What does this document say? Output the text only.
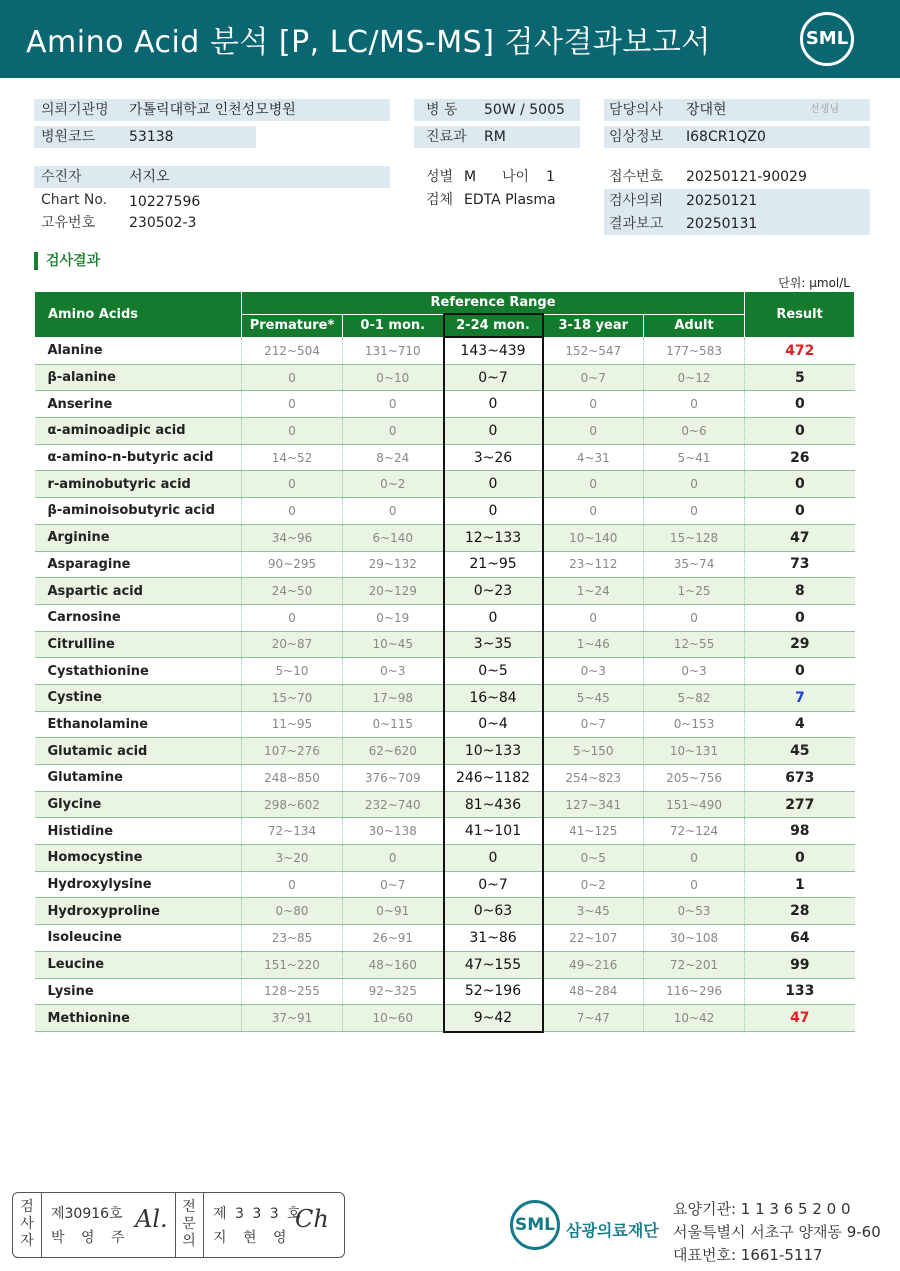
Amino Acid 분석 [P, LC/MS-MS] 검사결과보고서	SML
의뢰기관명 가톨릭대학교 인천성모병원	병 동 50W / 5005	담당의사 장대현	선생님
병원코드 53138	진료과 RM	임상정보 I68CR1QZ0
수진자	서지오	성별 M 나이 1	접수번호 20250121-90029
Chart No. 10227596	검체 EDTA Plasma	검사의뢰 20250121
결과보고 20250131
고유번호 230502-3
검사결과
단위: μmol/L
Amino Acids	Reference Range					Result
	Premature*	0-1 mon.	2-24 mon.	3-18 year	Adult	
Alanine	212~504	131~710	143~439	152~547	177~583	472
β-alanine	0	0~10	0~7	0~7	0~12	5
Anserine	0	0	0	0	0	0
α-aminoadipic acid	0	0	0	0	0~6	0
α-amino-n-butyric acid	14~52	8~24	3~26	4~31	5~41	26
r-aminobutyric acid	0	0~2	0	0	0	0
β-aminoisobutyric acid	0	0	0	0	0	0
Arginine	34~96	6~140	12~133	10~140	15~128	47
Asparagine	90~295	29~132	21~95	23~112	35~74	73
Aspartic acid	24~50	20~129	0~23	1~24	1~25	8
Carnosine	0	0~19	0	0	0	0
Citrulline	20~87	10~45	3~35	1~46	12~55	29
Cystathionine	5~10	0~3	0~5	0~3	0~3	0
Cystine	15~70	17~98	16~84	5~45	5~82	7
Ethanolamine	11~95	0~115	0~4	0~7	0~153	4
Glutamic acid	107~276	62~620	10~133	5~150	10~131	45
Glutamine	248~850	376~709	246~1182	254~823	205~756	673
Glycine	298~602	232~740	81~436	127~341	151~490	277
Histidine	72~134	30~138	41~101	41~125	72~124	98
Homocystine	3~20	0	0	0~5	0	0
Hydroxylysine	0	0~7	0~7	0~2	0	1
Hydroxyproline	0~80	0~91	0~63	3~45	0~53	28
Isoleucine	23~85	26~91	31~86	22~107	30~108	64
Leucine	151~220	48~160	47~155	49~216	72~201	99
Lysine	128~255	92~325	52~196	48~284	116~296	133
Methionine	37~91	10~60	9~42	7~47	10~42	47
검사자
제30916호
박 영 주
Al.	전문의
제 3 3 3 호
지 현 영
Ch	SML 삼광의료재단
요양기관: 1 1 3 6 5 2 0 0
서울특별시 서초구 양재동 9-60
대표번호: 1661-5117
